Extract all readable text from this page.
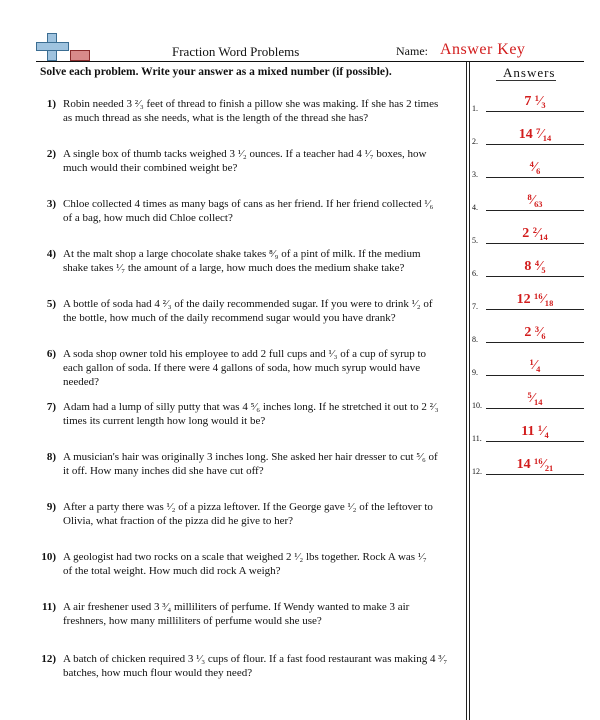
Fraction Word Problems	Name: Answer Key
Solve each problem. Write your answer as a mixed number (if possible).	Answers
1) Robin needed 3 ²⁄₃ feet of thread to finish a pillow she was making. If she has 2 times
as much thread as she needs, what is the length of the thread she has?
2) A single box of thumb tacks weighed 3 ¹⁄₂ ounces. If a teacher had 4 ¹⁄₇ boxes, how
much would their combined weight be?
3) Chloe collected 4 times as many bags of cans as her friend. If her friend collected ¹⁄₆
of a bag, how much did Chloe collect?
4) At the malt shop a large chocolate shake takes ⁸⁄₉ of a pint of milk. If the medium
shake takes ¹⁄₇ the amount of a large, how much does the medium shake take?
5) A bottle of soda had 4 ²⁄₃ of the daily recommended sugar. If you were to drink ¹⁄₂ of
the bottle, how much of the daily recommend sugar would you have drank?
6) A soda shop owner told his employee to add 2 full cups and ¹⁄₃ of a cup of syrup to
each gallon of soda. If there were 4 gallons of soda, how much syrup would have
needed?
7) Adam had a lump of silly putty that was 4 ⁵⁄₆ inches long. If he stretched it out to 2 ²⁄₃
times its current length how long would it be?
8) A musician's hair was originally 3 inches long. She asked her hair dresser to cut ⁵⁄₆ of
it off. How many inches did she have cut off?
9) After a party there was ¹⁄₂ of a pizza leftover. If the George gave ¹⁄₂ of the leftover to
Olivia, what fraction of the pizza did he give to her?
10) A geologist had two rocks on a scale that weighed 2 ¹⁄₂ lbs together. Rock A was ¹⁄₇
of the total weight. How much did rock A weigh?
11) A air freshener used 3 ³⁄₄ milliliters of perfume. If Wendy wanted to make 3 air
freshners, how many milliliters of perfume would she use?
12) A batch of chicken required 3 ¹⁄₃ cups of flour. If a fast food restaurant was making 4 ³⁄₇
batches, how much flour would they need?
1.	7 ¹⁄₃
2.	14 ⁷⁄₁₄
3.	⁴⁄₆
4.	⁸⁄₆₃
5.	2 ²⁄₁₄
6.	8 ⁴⁄₅
7.	12 ¹⁶⁄₁₈
8.	2 ³⁄₆
9.	¹⁄₄
10.	⁵⁄₁₄
11.	11 ¹⁄₄
12.	14 ¹⁶⁄₂₁
